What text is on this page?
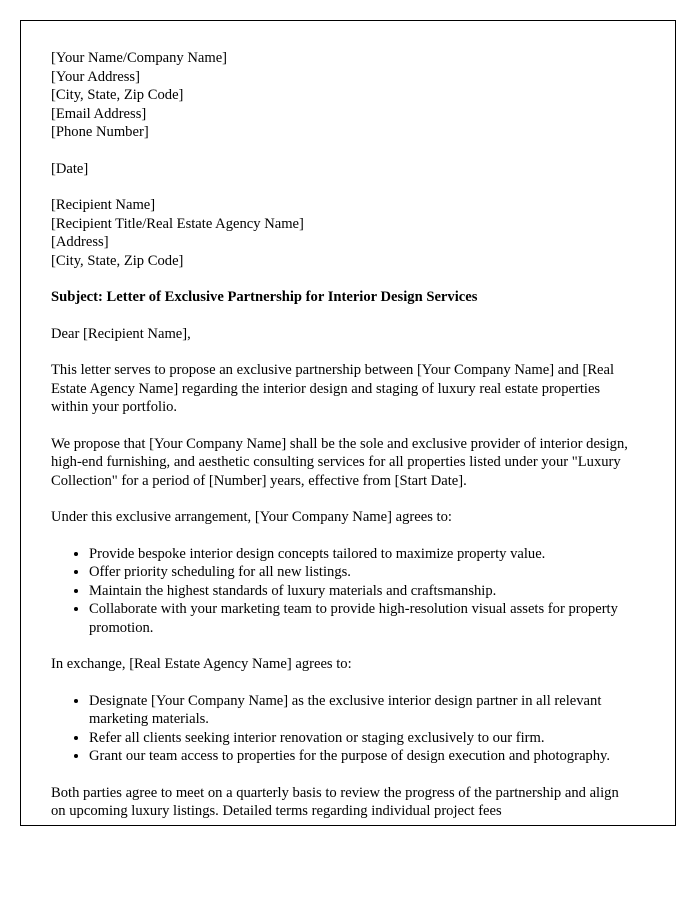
[Your Name/Company Name]
[Your Address]
[City, State, Zip Code]
[Email Address]
[Phone Number]
[Date]
[Recipient Name]
[Recipient Title/Real Estate Agency Name]
[Address]
[City, State, Zip Code]

Subject: Letter of Exclusive Partnership for Interior Design Services

Dear [Recipient Name],

This letter serves to propose an exclusive partnership between [Your Company Name] and [Real Estate Agency Name] regarding the interior design and staging of luxury real estate properties within your portfolio.

We propose that [Your Company Name] shall be the sole and exclusive provider of interior design, high-end furnishing, and aesthetic consulting services for all properties listed under your "Luxury Collection" for a period of [Number] years, effective from [Start Date].

Under this exclusive arrangement, [Your Company Name] agrees to:

• Provide bespoke interior design concepts tailored to maximize property value.
• Offer priority scheduling for all new listings.
• Maintain the highest standards of luxury materials and craftsmanship.
• Collaborate with your marketing team to provide high-resolution visual assets for property promotion.

In exchange, [Real Estate Agency Name] agrees to:

• Designate [Your Company Name] as the exclusive interior design partner in all relevant marketing materials.
• Refer all clients seeking interior renovation or staging exclusively to our firm.
• Grant our team access to properties for the purpose of design execution and photography.

Both parties agree to meet on a quarterly basis to review the progress of the partnership and align on upcoming luxury listings. Detailed terms regarding individual project fees
